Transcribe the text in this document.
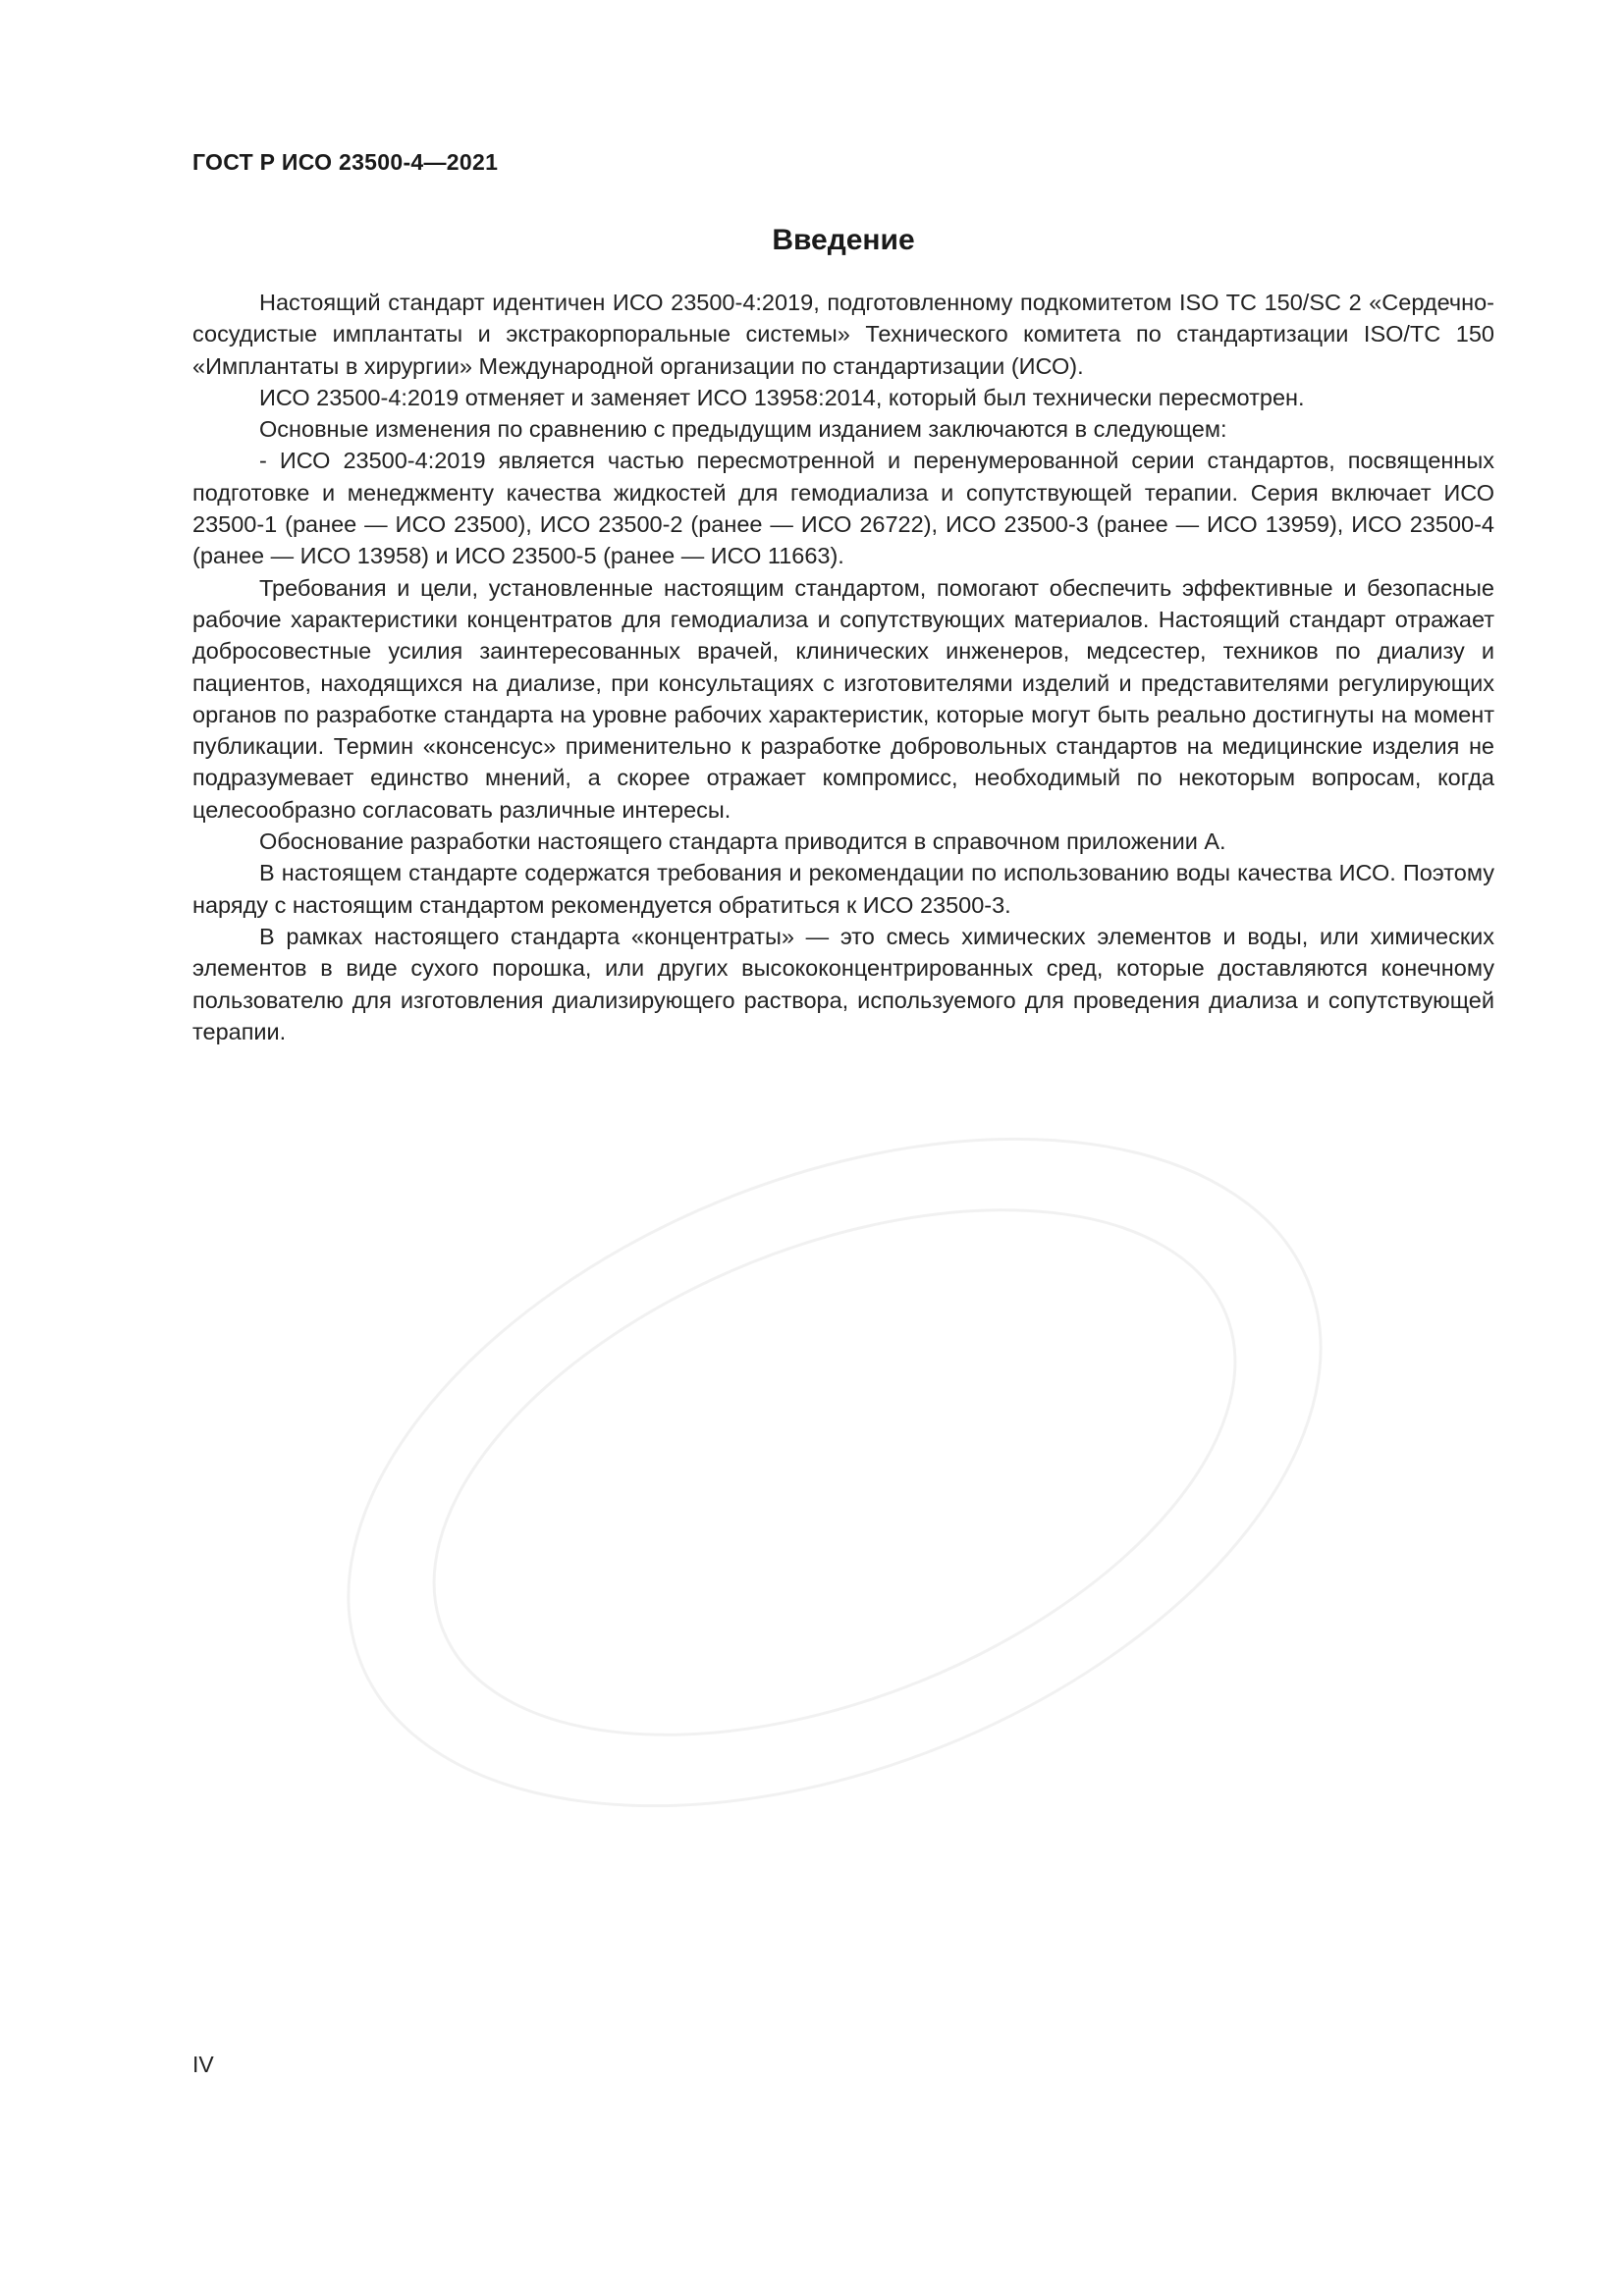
ГОСТ Р ИСО 23500-4—2021
Введение

Настоящий стандарт идентичен ИСО 23500-4:2019, подготовленному подкомитетом ISO TC 150/SC 2 «Сердечно-сосудистые имплантаты и экстракорпоральные системы» Технического комитета по стандартизации ISO/TC 150 «Имплантаты в хирургии» Международной организации по стандартизации (ИСО).

ИСО 23500-4:2019 отменяет и заменяет ИСО 13958:2014, который был технически пересмотрен.

Основные изменения по сравнению с предыдущим изданием заключаются в следующем:

- ИСО 23500-4:2019 является частью пересмотренной и перенумерованной серии стандартов, посвященных подготовке и менеджменту качества жидкостей для гемодиализа и сопутствующей терапии. Серия включает ИСО 23500-1 (ранее — ИСО 23500), ИСО 23500-2 (ранее — ИСО 26722), ИСО 23500-3 (ранее — ИСО 13959), ИСО 23500-4 (ранее — ИСО 13958) и ИСО 23500-5 (ранее — ИСО 11663).

Требования и цели, установленные настоящим стандартом, помогают обеспечить эффективные и безопасные рабочие характеристики концентратов для гемодиализа и сопутствующих материалов. Настоящий стандарт отражает добросовестные усилия заинтересованных врачей, клинических инженеров, медсестер, техников по диализу и пациентов, находящихся на диализе, при консультациях с изготовителями изделий и представителями регулирующих органов по разработке стандарта на уровне рабочих характеристик, которые могут быть реально достигнуты на момент публикации. Термин «консенсус» применительно к разработке добровольных стандартов на медицинские изделия не подразумевает единство мнений, а скорее отражает компромисс, необходимый по некоторым вопросам, когда целесообразно согласовать различные интересы.

Обоснование разработки настоящего стандарта приводится в справочном приложении А.

В настоящем стандарте содержатся требования и рекомендации по использованию воды качества ИСО. Поэтому наряду с настоящим стандартом рекомендуется обратиться к ИСО 23500-3.

В рамках настоящего стандарта «концентраты» — это смесь химических элементов и воды, или химических элементов в виде сухого порошка, или других высококонцентрированных сред, которые доставляются конечному пользователю для изготовления диализирующего раствора, используемого для проведения диализа и сопутствующей терапии.

IV
